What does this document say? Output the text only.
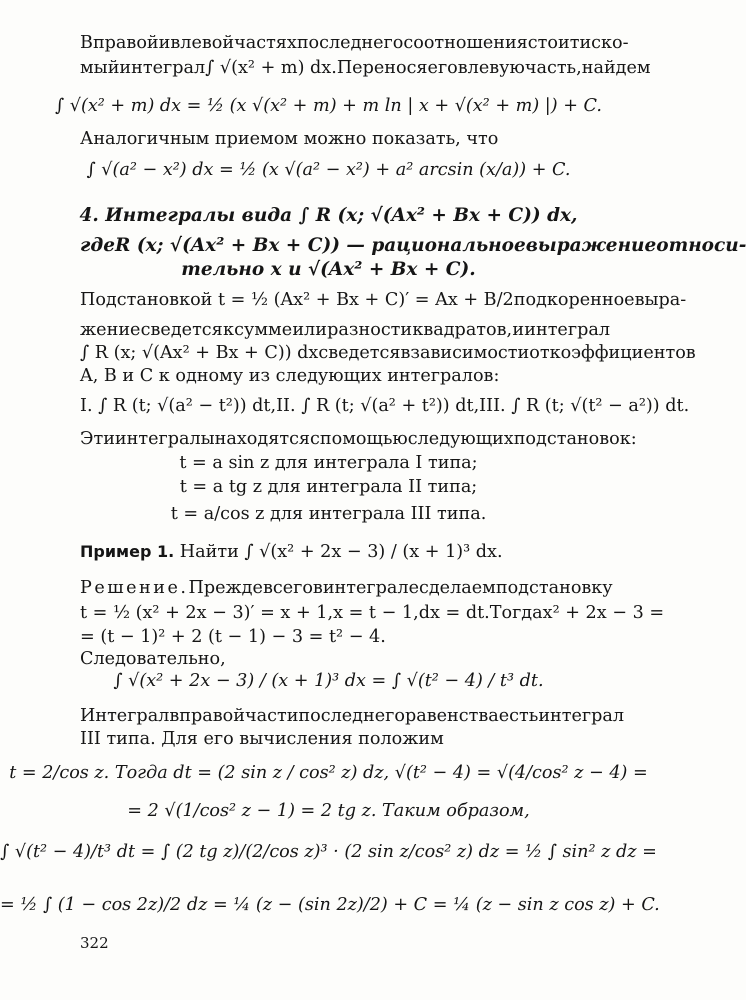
В правой и в левой частях последнего соотношения стоит иско-
мый интеграл ∫ √(x² + m) dx. Перенося его в левую часть, найдем
∫ √(x² + m) dx = ½ (x √(x² + m) + m ln | x + √(x² + m) |) + C.
Аналогичным приемом можно показать, что
∫ √(a² − x²) dx = ½ (x √(a² − x²) + a² arcsin (x/a)) + C.
4. Интегралы вида ∫ R (x; √(Ax² + Bx + C)) dx,
где R (x; √(Ax² + Bx + C)) — рациональное выражение относи-
тельно x и √(Ax² + Bx + C).
Подстановкой t = ½ (Ax² + Bx + C)′ = Ax + B/2 подкоренное выра-
жение сведется к сумме или разности квадратов, и интеграл
∫ R (x; √(Ax² + Bx + C)) dx сведется в зависимости от коэффициентов
A, B и C к одному из следующих интегралов:
I. ∫ R (t; √(a² − t²)) dt, II. ∫ R (t; √(a² + t²)) dt, III. ∫ R (t; √(t² − a²)) dt.
Эти интегралы находятся с помощью следующих подстановок:
t = a sin z для интеграла I типа;
t = a tg z для интеграла II типа;
t = a/cos z для интеграла III типа.
Пример 1. Найти ∫ √(x² + 2x − 3) / (x + 1)³ dx.
Решение. Прежде всего в интеграле сделаем подстановку
t = ½ (x² + 2x − 3)′ = x + 1, x = t − 1, dx = dt. Тогда x² + 2x − 3 =
= (t − 1)² + 2 (t − 1) − 3 = t² − 4.
Следовательно,
∫ √(x² + 2x − 3) / (x + 1)³ dx = ∫ √(t² − 4) / t³ dt.
Интеграл в правой части последнего равенства есть интеграл
III типа. Для его вычисления положим
t = 2/cos z. Тогда dt = (2 sin z / cos² z) dz, √(t² − 4) = √(4/cos² z − 4) =
= 2 √(1/cos² z − 1) = 2 tg z. Таким образом,
∫ √(t² − 4)/t³ dt = ∫ (2 tg z)/(2/cos z)³ · (2 sin z/cos² z) dz = ½ ∫ sin² z dz =
= ½ ∫ (1 − cos 2z)/2 dz = ¼ (z − (sin 2z)/2) + C = ¼ (z − sin z cos z) + C.
322
